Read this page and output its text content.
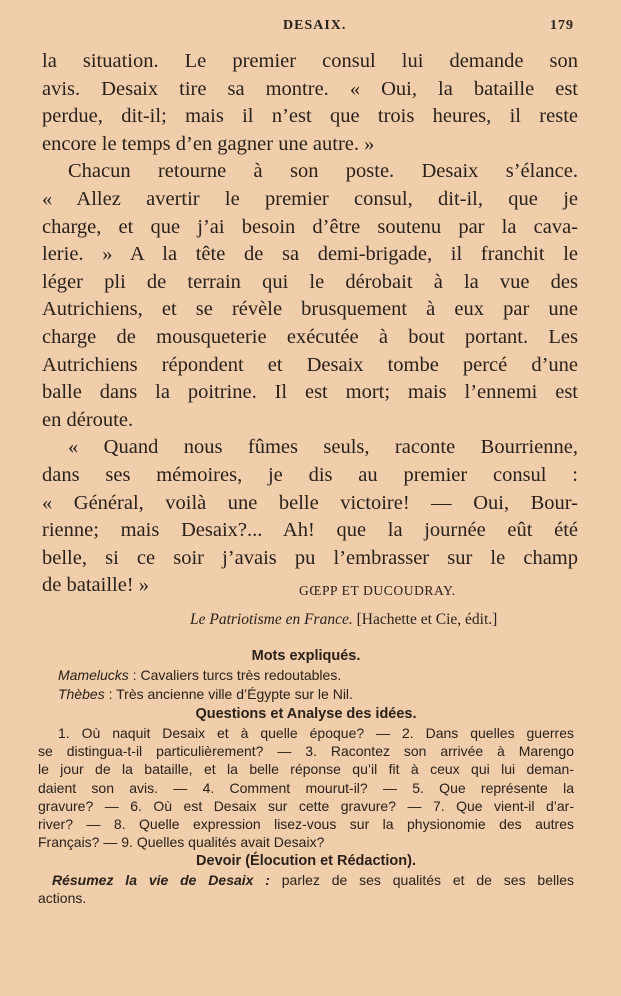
DESAIX.	179
la situation. Le premier consul lui demande son
avis. Desaix tire sa montre. « Oui, la bataille est
perdue, dit-il; mais il n’est que trois heures, il reste
encore le temps d’en gagner une autre. »
Chacun retourne à son poste. Desaix s’élance.
« Allez avertir le premier consul, dit-il, que je
charge, et que j’ai besoin d’être soutenu par la cava-
lerie. » A la tête de sa demi-brigade, il franchit le
léger pli de terrain qui le dérobait à la vue des
Autrichiens, et se révèle brusquement à eux par une
charge de mousqueterie exécutée à bout portant. Les
Autrichiens répondent et Desaix tombe percé d’une
balle dans la poitrine. Il est mort; mais l’ennemi est
en déroute.
« Quand nous fûmes seuls, raconte Bourrienne,
dans ses mémoires, je dis au premier consul :
« Général, voilà une belle victoire! — Oui, Bour-
rienne; mais Desaix?... Ah! que la journée eût été
belle, si ce soir j’avais pu l’embrasser sur le champ
de bataille! »	GŒPP ET DUCOUDRAY.
Le Patriotisme en France. [Hachette et Cie, édit.]
Mots expliqués.
Mamelucks : Cavaliers turcs très redoutables.
Thèbes : Très ancienne ville d’Égypte sur le Nil.
Questions et Analyse des idées.
1. Où naquit Desaix et à quelle époque? — 2. Dans quelles guerres
se distingua-t-il particulièrement? — 3. Racontez son arrivée à Marengo
le jour de la bataille, et la belle réponse qu’il fit à ceux qui lui deman-
daient son avis. — 4. Comment mourut-il? — 5. Que représente la
gravure? — 6. Où est Desaix sur cette gravure? — 7. Que vient-il d’ar-
river? — 8. Quelle expression lisez-vous sur la physionomie des autres
Français? — 9. Quelles qualités avait Desaix?
Devoir (Élocution et Rédaction).
Résumez la vie de Desaix : parlez de ses qualités et de ses belles
actions.
